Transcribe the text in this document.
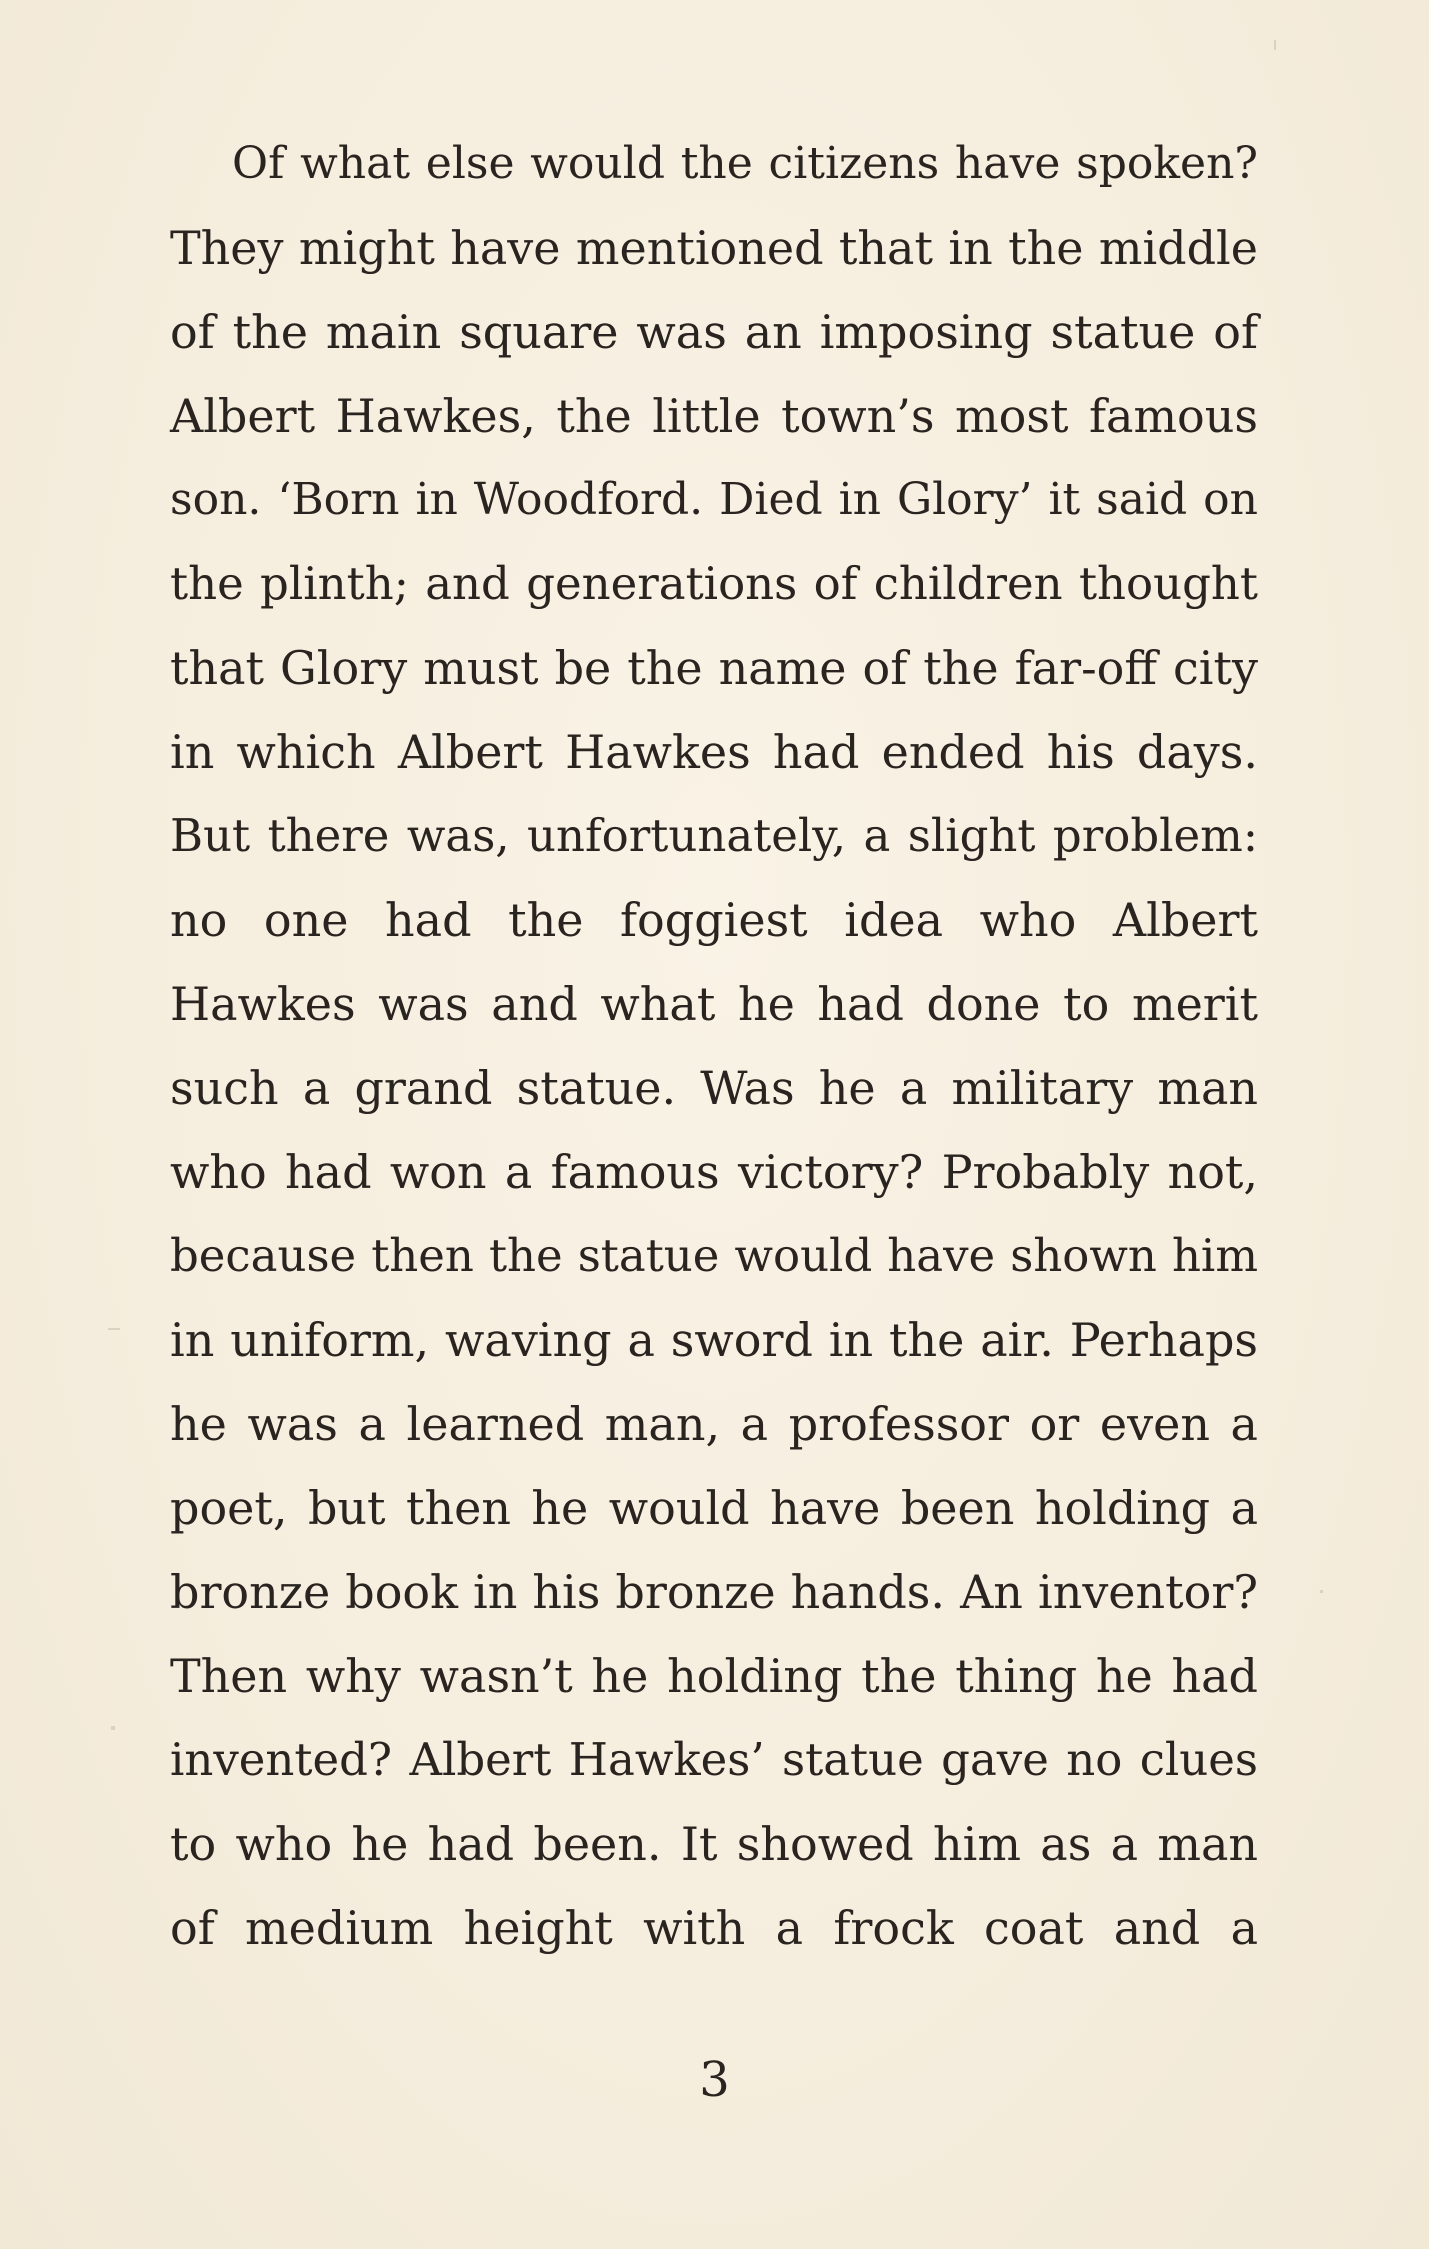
Of what else would the citizens have spoken?
They might have mentioned that in the middle
of the main square was an imposing statue of
Albert Hawkes, the little town’s most famous
son. ‘Born in Woodford. Died in Glory’ it said on
the plinth; and generations of children thought
that Glory must be the name of the far-off city
in which Albert Hawkes had ended his days.
But there was, unfortunately, a slight problem:
no one had the foggiest idea who Albert
Hawkes was and what he had done to merit
such a grand statue. Was he a military man
who had won a famous victory? Probably not,
because then the statue would have shown him
in uniform, waving a sword in the air. Perhaps
he was a learned man, a professor or even a
poet, but then he would have been holding a
bronze book in his bronze hands. An inventor?
Then why wasn’t he holding the thing he had
invented? Albert Hawkes’ statue gave no clues
to who he had been. It showed him as a man
of medium height with a frock coat and a
3
